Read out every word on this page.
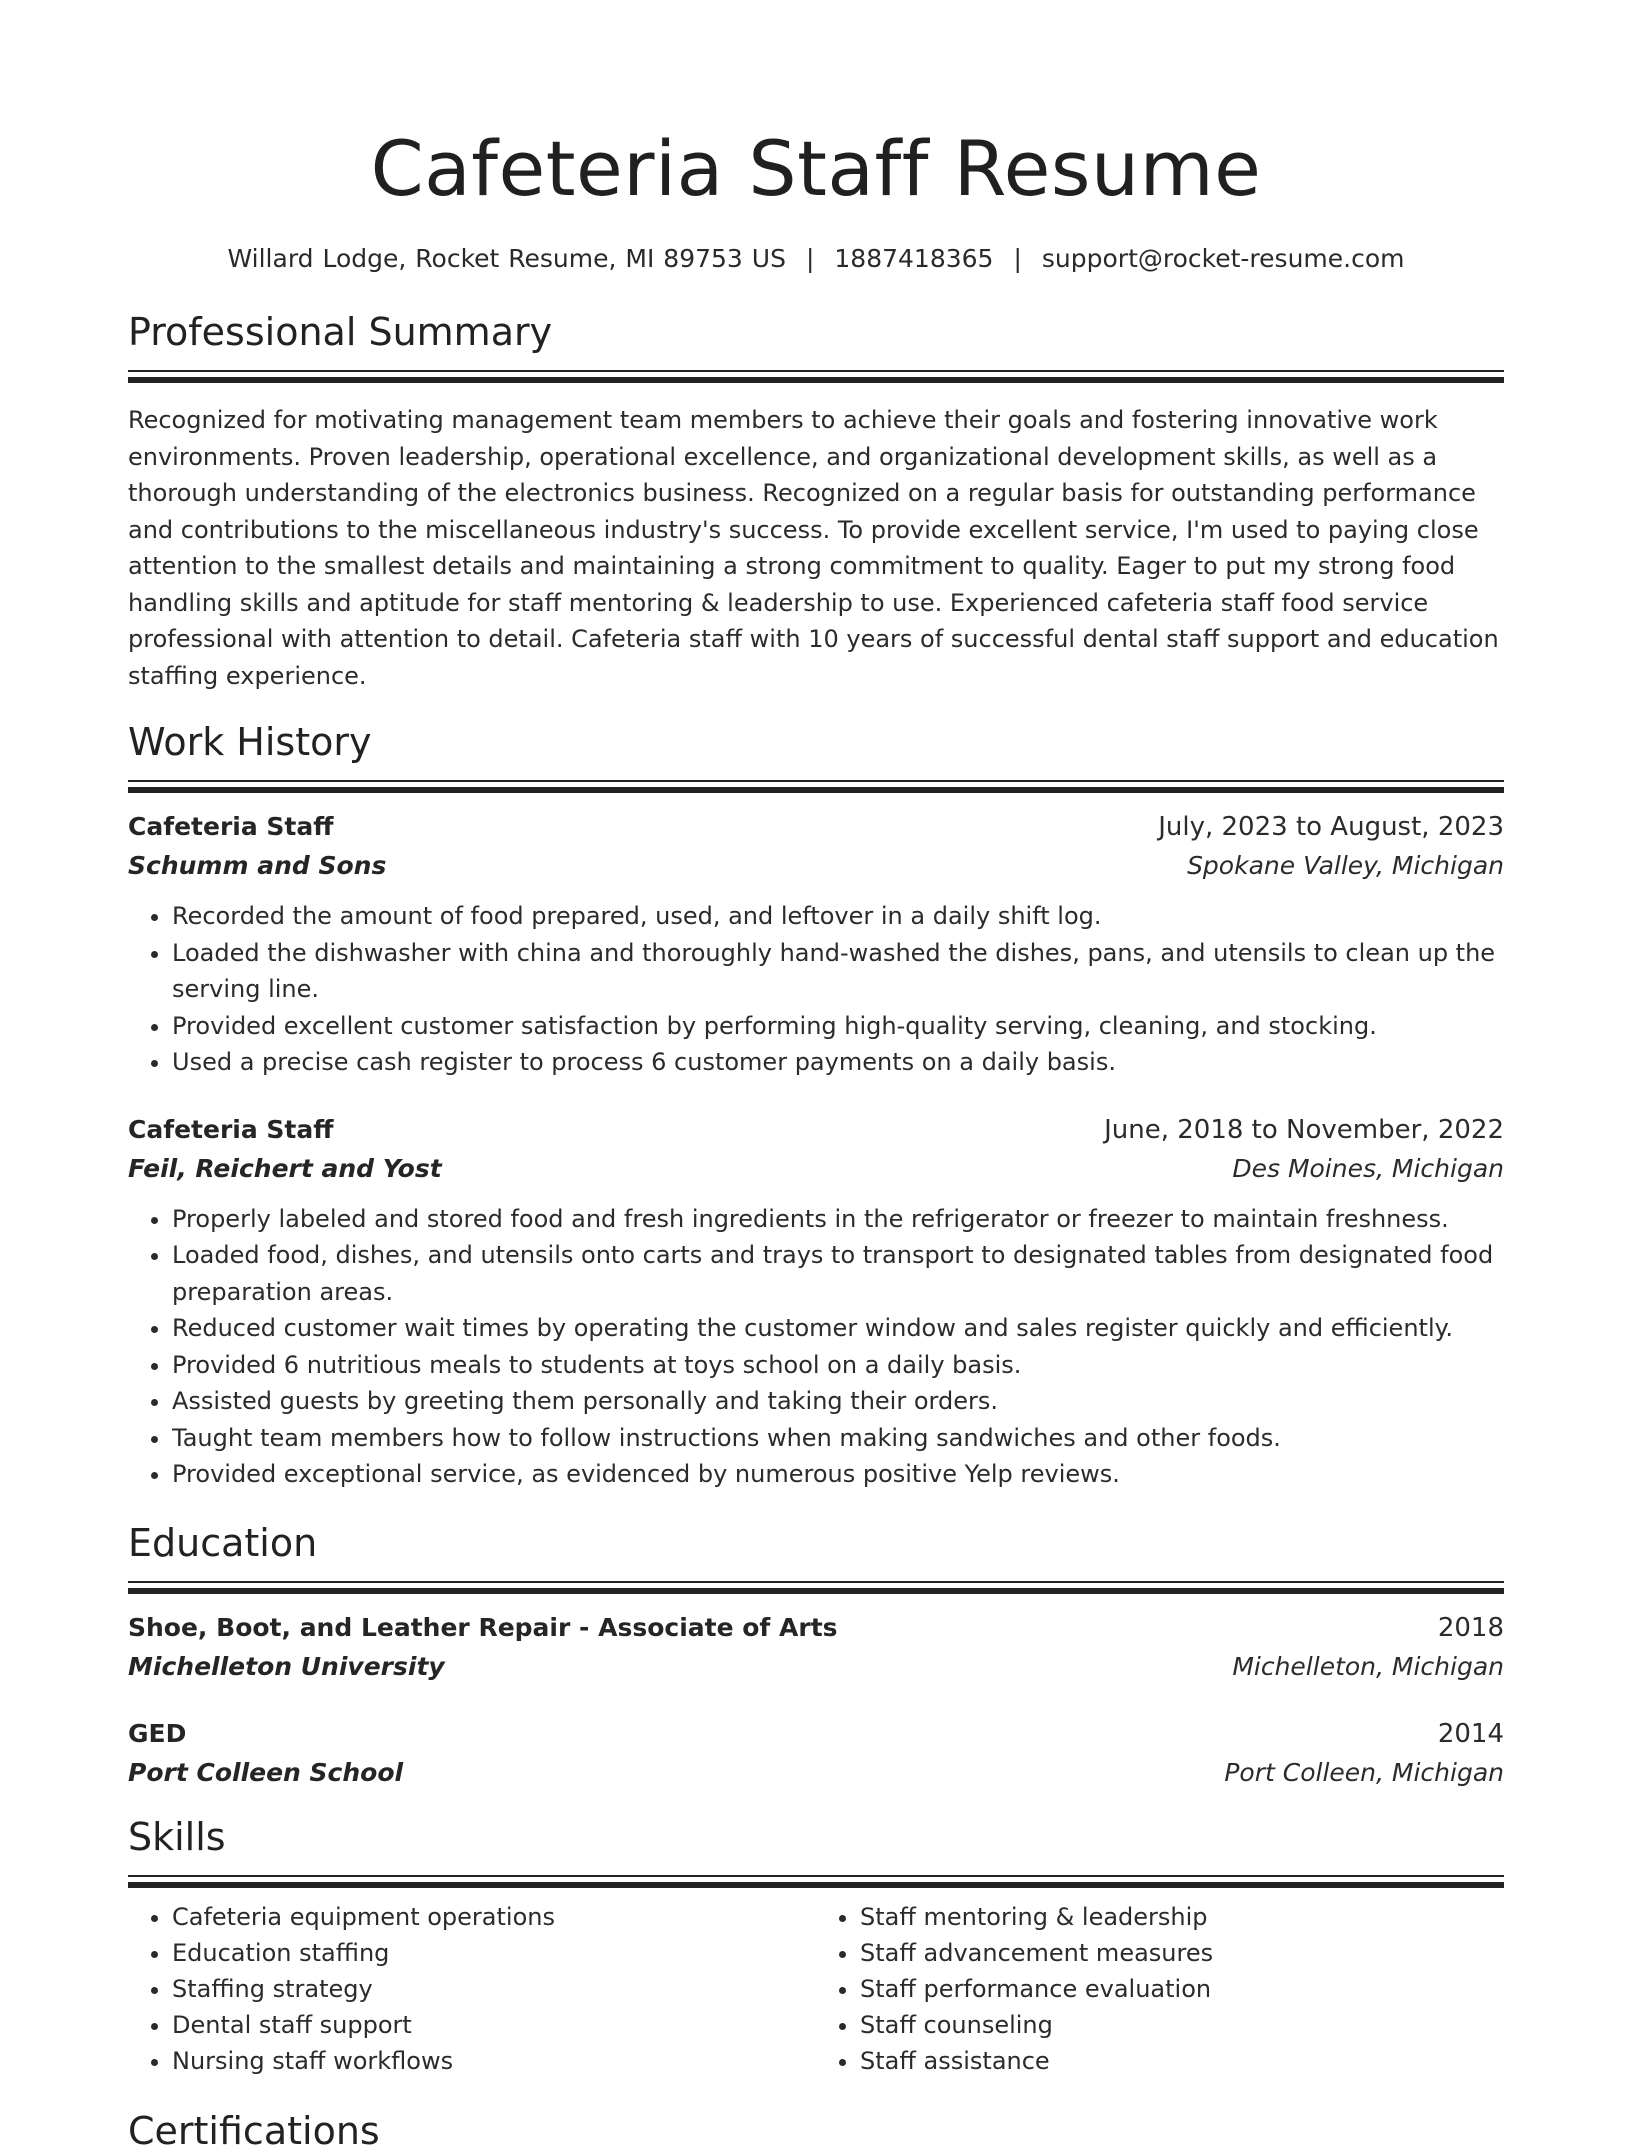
Cafeteria Staff Resume
Willard Lodge, Rocket Resume, MI 89753 US | 1887418365 | support@rocket-resume.com
Professional Summary

Recognized for motivating management team members to achieve their goals and fostering innovative work environments. Proven leadership, operational excellence, and organizational development skills, as well as a thorough understanding of the electronics business. Recognized on a regular basis for outstanding performance and contributions to the miscellaneous industry's success. To provide excellent service, I'm used to paying close attention to the smallest details and maintaining a strong commitment to quality. Eager to put my strong food handling skills and aptitude for staff mentoring & leadership to use. Experienced cafeteria staff food service professional with attention to detail. Cafeteria staff with 10 years of successful dental staff support and education staffing experience.

Work History
Cafeteria Staff	July, 2023 to August, 2023
Schumm and Sons	Spokane Valley, Michigan
• Recorded the amount of food prepared, used, and leftover in a daily shift log.
• Loaded the dishwasher with china and thoroughly hand-washed the dishes, pans, and utensils to clean up the serving line.
• Provided excellent customer satisfaction by performing high-quality serving, cleaning, and stocking.
• Used a precise cash register to process 6 customer payments on a daily basis.
Cafeteria Staff	June, 2018 to November, 2022
Feil, Reichert and Yost	Des Moines, Michigan
• Properly labeled and stored food and fresh ingredients in the refrigerator or freezer to maintain freshness.
• Loaded food, dishes, and utensils onto carts and trays to transport to designated tables from designated food preparation areas.
• Reduced customer wait times by operating the customer window and sales register quickly and efficiently.
• Provided 6 nutritious meals to students at toys school on a daily basis.
• Assisted guests by greeting them personally and taking their orders.
• Taught team members how to follow instructions when making sandwiches and other foods.
• Provided exceptional service, as evidenced by numerous positive Yelp reviews.
Education
Shoe, Boot, and Leather Repair - Associate of Arts	2018
Michelleton University	Michelleton, Michigan
GED	2014
Port Colleen School	Port Colleen, Michigan
Skills
• Cafeteria equipment operations
• Education staffing
• Staffing strategy
• Dental staff support
• Nursing staff workflows
• Staff mentoring & leadership
• Staff advancement measures
• Staff performance evaluation
• Staff counseling
• Staff assistance
Certifications
